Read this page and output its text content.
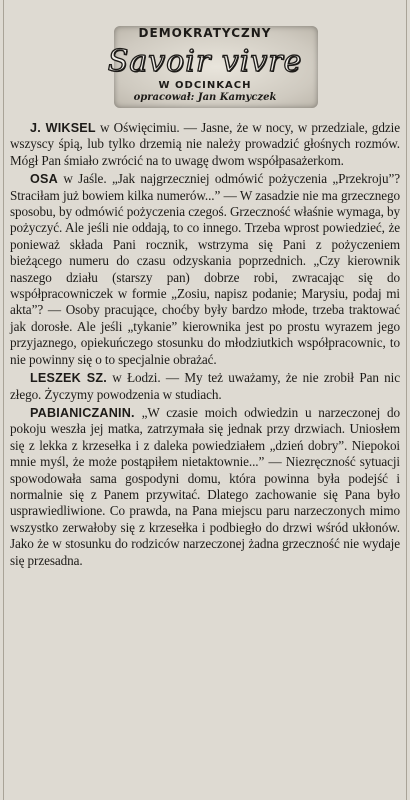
DEMOKRATYCZNY
Savoir vivre
W ODCINKACH
opracował: Jan Kamyczek

J. WIKSEL w Oświęcimiu. — Jasne, że w nocy, w przedziale, gdzie wszyscy śpią, lub tylko drzemią nie należy prowadzić głośnych rozmów. Mógł Pan śmiało zwrócić na to uwagę dwom współpasażerkom.

OSA w Jaśle. „Jak najgrzeczniej odmówić pożyczenia „Przekroju”? Straciłam już bowiem kilka numerów...” — W zasadzie nie ma grzecznego sposobu, by odmówić pożyczenia czegoś. Grzeczność właśnie wymaga, by pożyczyć. Ale jeśli nie oddają, to co innego. Trzeba wprost powiedzieć, że ponieważ składa Pani rocznik, wstrzyma się Pani z pożyczeniem bieżącego numeru do czasu odzyskania poprzednich. „Czy kierownik naszego działu (starszy pan) dobrze robi, zwracając się do współpracowniczek w formie „Zosiu, napisz podanie; Marysiu, podaj mi akta”? — Osoby pracujące, choćby były bardzo młode, trzeba traktować jak dorosłe. Ale jeśli „tykanie” kierownika jest po prostu wyrazem jego przyjaznego, opiekuńczego stosunku do młodziutkich współpracownic, to nie powinny się o to specjalnie obrażać.

LESZEK SZ. w Łodzi. — My też uważamy, że nie zrobił Pan nic złego. Życzymy powodzenia w studiach.

PABIANICZANIN. „W czasie moich odwiedzin u narzeczonej do pokoju weszła jej matka, zatrzymała się jednak przy drzwiach. Uniosłem się z lekka z krzesełka i z daleka powiedziałem „dzień dobry”. Niepokoi mnie myśl, że może postąpiłem nietaktownie...” — Niezręczność sytuacji spowodowała sama gospodyni domu, która powinna była podejść i normalnie się z Panem przywitać. Dlatego zachowanie się Pana było usprawiedliwione. Co prawda, na Pana miejscu paru narzeczonych mimo wszystko zerwałoby się z krzesełka i podbiegło do drzwi wśród ukłonów. Jako że w stosunku do rodziców narzeczonej żadna grzeczność nie wydaje się przesadna.
